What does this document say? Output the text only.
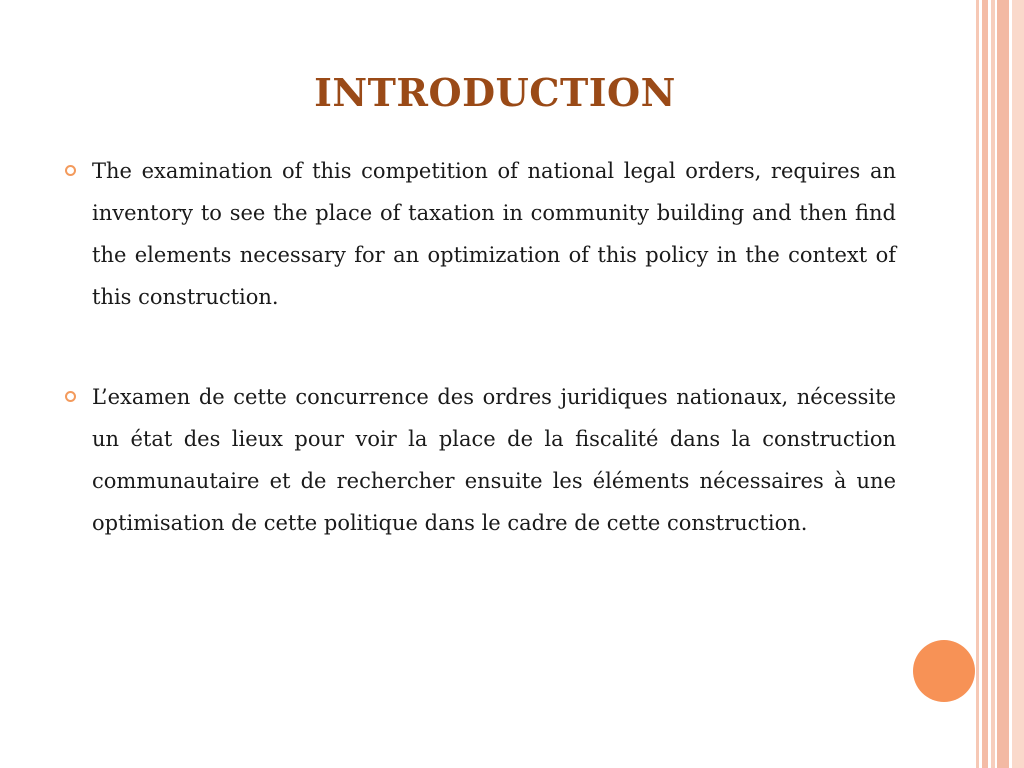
INTRODUCTION
The examination of this competition of national legal orders, requires an inventory to see the place of taxation in community building and then find the elements necessary for an optimization of this policy in the context of this construction.
L’examen de cette concurrence des ordres juridiques nationaux, nécessite un état des lieux pour voir la place de la fiscalité dans la construction communautaire et de rechercher ensuite les éléments nécessaires à une optimisation de cette politique dans le cadre de cette construction.
